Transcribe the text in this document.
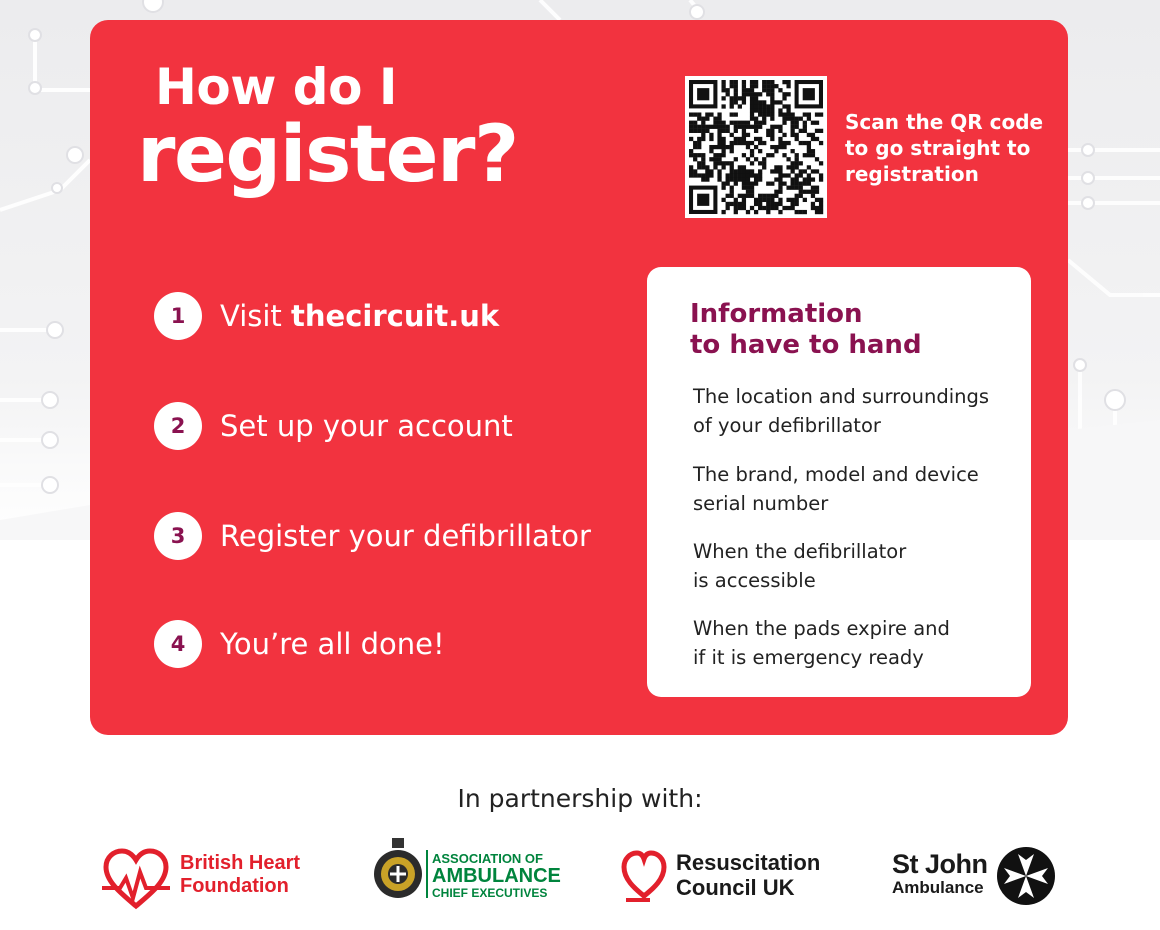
How do I
register?	Scan the QR code
to go straight to
registration
1	Visit thecircuit.uk
2	Set up your account
3	Register your defibrillator
4	You’re all done!
Information
to have to hand
The location and surroundings
of your defibrillator
The brand, model and device
serial number
When the defibrillator
is accessible
When the pads expire and
if it is emergency ready
In partnership with:
British Heart
Foundation
ASSOCIATION OF
AMBULANCE
CHIEF EXECUTIVES
Resuscitation
Council UK
St John
Ambulance
